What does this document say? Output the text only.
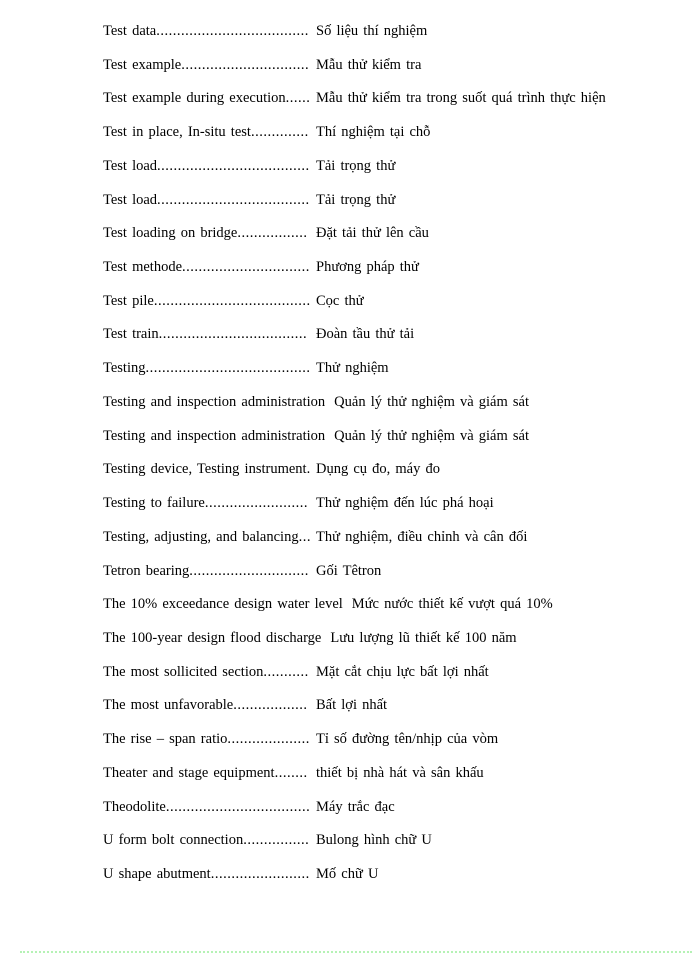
Test data..................................... Số liệu thí nghiệm
Test example............................... Mẫu thử kiểm tra
Test example during execution...... Mẫu thử kiểm tra trong suốt quá trình thực hiện
Test in place, In-situ test.............. Thí nghiệm tại chỗ
Test load..................................... Tải trọng thử
Test load..................................... Tải trọng thử
Test loading on bridge................. Đặt tải thử lên cầu
Test methode............................... Phương pháp thử
Test pile...................................... Cọc thử
Test train.................................... Đoàn tầu thử tải
Testing........................................ Thử nghiệm
Testing and inspection administration Quản lý thử nghiệm và giám sát
Testing and inspection administration Quản lý thử nghiệm và giám sát
Testing device, Testing instrument. Dụng cụ đo, máy đo
Testing to failure......................... Thử nghiệm đến lúc phá hoại
Testing, adjusting, and balancing... Thử nghiệm, điều chỉnh và cân đối
Tetron bearing............................. Gối Têtron
The 10% exceedance design water level Mức nước thiết kế vượt quá 10%
The 100-year design flood discharge Lưu lượng lũ thiết kế 100 năm
The most sollicited section........... Mặt cắt chịu lực bất lợi nhất
The most unfavorable.................. Bất lợi nhất
The rise – span ratio.................... Tỉ số đường tên/nhịp của vòm
Theater and stage equipment........ thiết bị nhà hát và sân khấu
Theodolite................................... Máy trắc đạc
U form bolt connection................ Bulong hình chữ U
U shape abutment........................ Mố chữ U
